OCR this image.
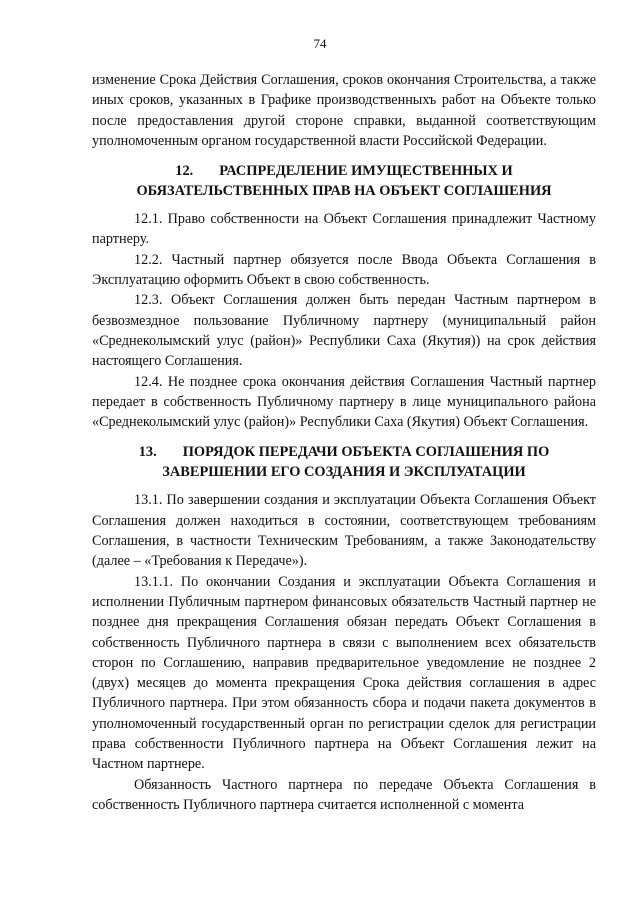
74

изменение Срока Действия Соглашения, сроков окончания Строительства, а также иных сроков, указанных в Графике производственныхъ работ на Объекте только после предоставления другой стороне справки, выданной соответствующим уполномоченным органом государственной власти Российской Федерации.

12. РАСПРЕДЕЛЕНИЕ ИМУЩЕСТВЕННЫХ И
ОБЯЗАТЕЛЬСТВЕННЫХ ПРАВ НА ОБЪЕКТ СОГЛАШЕНИЯ

12.1. Право собственности на Объект Соглашения принадлежит Частному партнеру.

12.2. Частный партнер обязуется после Ввода Объекта Соглашения в Эксплуатацию оформить Объект в свою собственность.

12.3. Объект Соглашения должен быть передан Частным партнером в безвозмездное пользование Публичному партнеру (муниципальный район «Среднеколымский улус (район)» Республики Саха (Якутия)) на срок действия настоящего Соглашения.

12.4. Не позднее срока окончания действия Соглашения Частный партнер передает в собственность Публичному партнеру в лице муниципального района «Среднеколымский улус (район)» Республики Саха (Якутия) Объект Соглашения.

13. ПОРЯДОК ПЕРЕДАЧИ ОБЪЕКТА СОГЛАШЕНИЯ ПО
ЗАВЕРШЕНИИ ЕГО СОЗДАНИЯ И ЭКСПЛУАТАЦИИ

13.1. По завершении создания и эксплуатации Объекта Соглашения Объект Соглашения должен находиться в состоянии, соответствующем требованиям Соглашения, в частности Техническим Требованиям, а также Законодательству (далее – «Требования к Передаче»).

13.1.1. По окончании Создания и эксплуатации Объекта Соглашения и исполнении Публичным партнером финансовых обязательств Частный партнер не позднее дня прекращения Соглашения обязан передать Объект Соглашения в собственность Публичного партнера в связи с выполнением всех обязательств сторон по Соглашению, направив предварительное уведомление не позднее 2 (двух) месяцев до момента прекращения Срока действия соглашения в адрес Публичного партнера. При этом обязанность сбора и подачи пакета документов в уполномоченный государственный орган по регистрации сделок для регистрации права собственности Публичного партнера на Объект Соглашения лежит на Частном партнере.

Обязанность Частного партнера по передаче Объекта Соглашения в собственность Публичного партнера считается исполненной с момента
